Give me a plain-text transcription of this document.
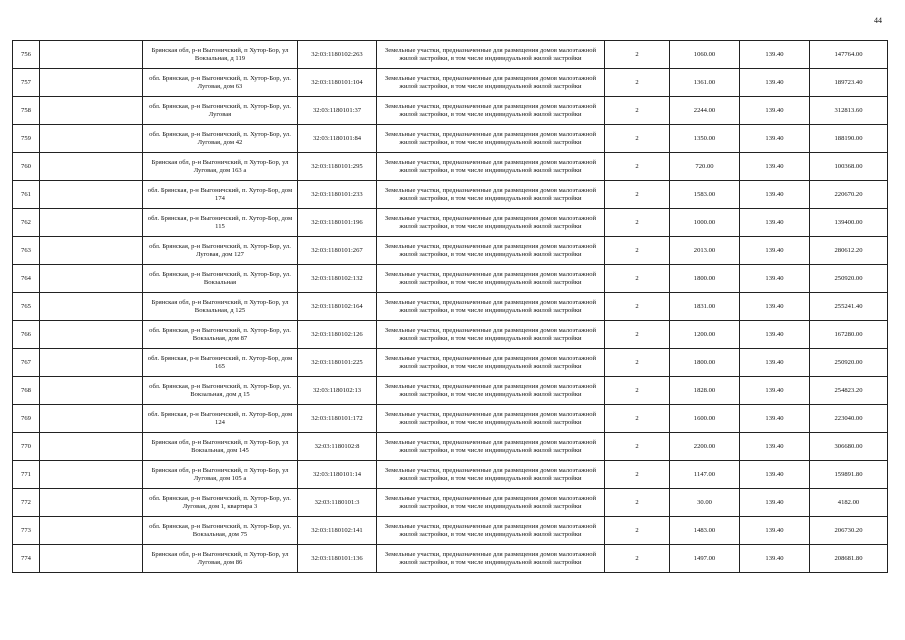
44
756		Брянская обл, р-н Выгоничский, п Хутор-Бор, ул Вокзальная, д 119	32:03:1180102:263	Земельные участки, предназначенные для размещения домов малоэтажной жилой застройки, в том числе индивидуальной жилой застройки	2	1060.00	139.40	147764.00
757		обл. Брянская, р-н Выгоничский, п. Хутор-Бор, ул. Луговая, дом 63	32:03:1180101:104	Земельные участки, предназначенные для размещения домов малоэтажной жилой застройки, в том числе индивидуальной жилой застройки	2	1361.00	139.40	189723.40
758		обл. Брянская, р-н Выгоничский, п. Хутор-Бор, ул. Луговая	32:03:1180101:37	Земельные участки, предназначенные для размещения домов малоэтажной жилой застройки, в том числе индивидуальной жилой застройки	2	2244.00	139.40	312813.60
759		обл. Брянская, р-н Выгоничский, п. Хутор-Бор, ул. Луговая, дом 42	32:03:1180101:84	Земельные участки, предназначенные для размещения домов малоэтажной жилой застройки, в том числе индивидуальной жилой застройки	2	1350.00	139.40	188190.00
760		Брянская обл, р-н Выгоничский, п Хутор-Бор, ул Луговая, дом 163 а	32:03:1180101:295	Земельные участки, предназначенные для размещения домов малоэтажной жилой застройки, в том числе индивидуальной жилой застройки	2	720.00	139.40	100368.00
761		обл. Брянская, р-н Выгоничский, п. Хутор-Бор, дом 174	32:03:1180101:233	Земельные участки, предназначенные для размещения домов малоэтажной жилой застройки, в том числе индивидуальной жилой застройки	2	1583.00	139.40	220670.20
762		обл. Брянская, р-н Выгоничский, п. Хутор-Бор, дом 115	32:03:1180101:196	Земельные участки, предназначенные для размещения домов малоэтажной жилой застройки, в том числе индивидуальной жилой застройки	2	1000.00	139.40	139400.00
763		обл. Брянская, р-н Выгоничский, п. Хутор-Бор, ул. Луговая, дом 127	32:03:1180101:267	Земельные участки, предназначенные для размещения домов малоэтажной жилой застройки, в том числе индивидуальной жилой застройки	2	2013.00	139.40	280612.20
764		обл. Брянская, р-н Выгоничский, п. Хутор-Бор, ул. Вокзальная	32:03:1180102:132	Земельные участки, предназначенные для размещения домов малоэтажной жилой застройки, в том числе индивидуальной жилой застройки	2	1800.00	139.40	250920.00
765		Брянская обл, р-н Выгоничский, п Хутор-Бор, ул Вокзальная, д 125	32:03:1180102:164	Земельные участки, предназначенные для размещения домов малоэтажной жилой застройки, в том числе индивидуальной жилой застройки	2	1831.00	139.40	255241.40
766		обл. Брянская, р-н Выгоничский, п. Хутор-Бор, ул. Вокзальная, дом 87	32:03:1180102:126	Земельные участки, предназначенные для размещения домов малоэтажной жилой застройки, в том числе индивидуальной жилой застройки	2	1200.00	139.40	167280.00
767		обл. Брянская, р-н Выгоничский, п. Хутор-Бор, дом 165	32:03:1180101:225	Земельные участки, предназначенные для размещения домов малоэтажной жилой застройки, в том числе индивидуальной жилой застройки	2	1800.00	139.40	250920.00
768		обл. Брянская, р-н Выгоничский, п. Хутор-Бор, ул. Вокзальная, дом д 15	32:03:1180102:13	Земельные участки, предназначенные для размещения домов малоэтажной жилой застройки, в том числе индивидуальной жилой застройки	2	1828.00	139.40	254823.20
769		обл. Брянская, р-н Выгоничский, п. Хутор-Бор, дом 124	32:03:1180101:172	Земельные участки, предназначенные для размещения домов малоэтажной жилой застройки, в том числе индивидуальной жилой застройки	2	1600.00	139.40	223040.00
770		Брянская обл, р-н Выгоничский, п Хутор-Бор, ул Вокзальная, дом 145	32:03:1180102:8	Земельные участки, предназначенные для размещения домов малоэтажной жилой застройки, в том числе индивидуальной жилой застройки	2	2200.00	139.40	306680.00
771		Брянская обл, р-н Выгоничский, п Хутор-Бор, ул Луговая, дом 105 а	32:03:1180101:14	Земельные участки, предназначенные для размещения домов малоэтажной жилой застройки, в том числе индивидуальной жилой застройки	2	1147.00	139.40	159891.80
772		обл. Брянская, р-н Выгоничский, п. Хутор-Бор, ул. Луговая, дом 1, квартира 3	32:03:1180101:3	Земельные участки, предназначенные для размещения домов малоэтажной жилой застройки, в том числе индивидуальной жилой застройки	2	30.00	139.40	4182.00
773		обл. Брянская, р-н Выгоничский, п. Хутор-Бор, ул. Вокзальная, дом 75	32:03:1180102:141	Земельные участки, предназначенные для размещения домов малоэтажной жилой застройки, в том числе индивидуальной жилой застройки	2	1483.00	139.40	206730.20
774		Брянская обл, р-н Выгоничский, п Хутор-Бор, ул Луговая, дом 86	32:03:1180101:136	Земельные участки, предназначенные для размещения домов малоэтажной жилой застройки, в том числе индивидуальной жилой застройки	2	1497.00	139.40	208681.80
